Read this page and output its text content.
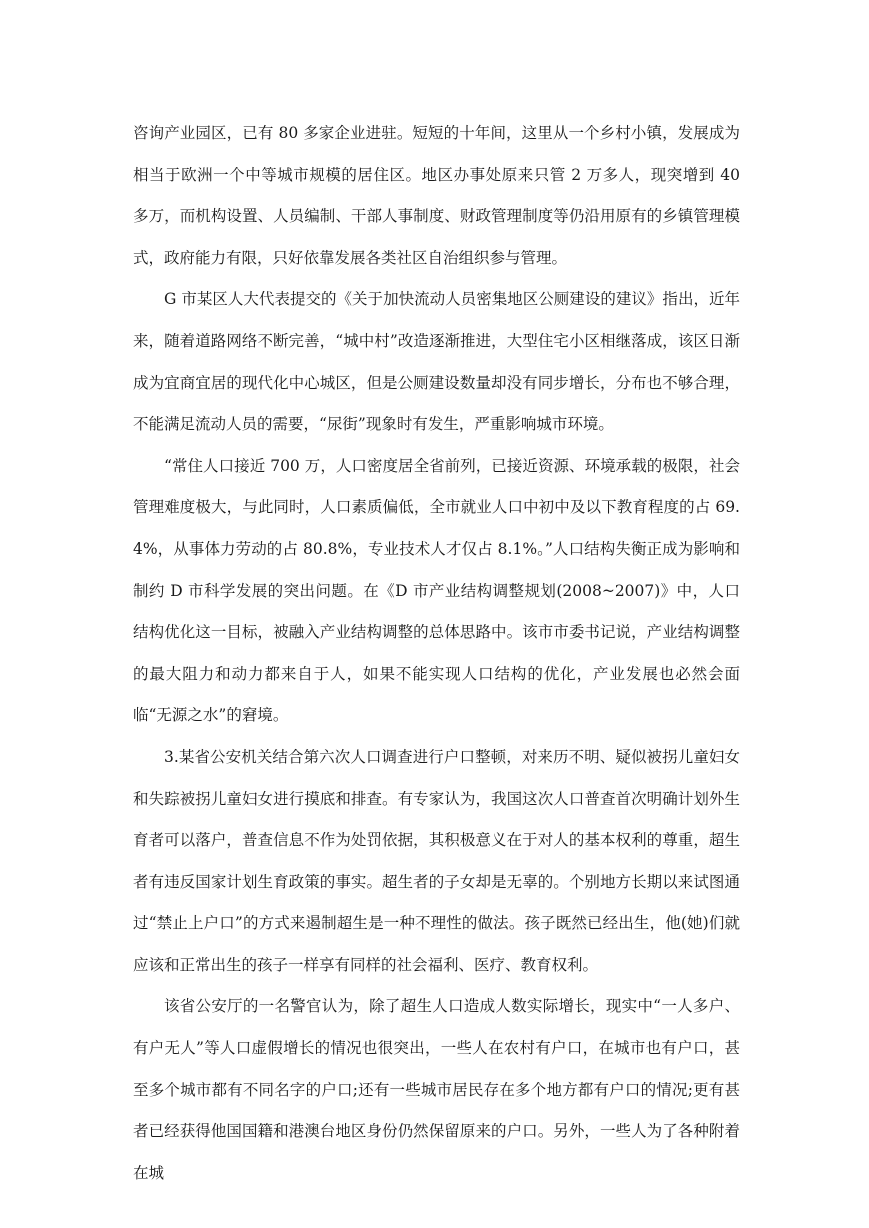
咨询产业园区，已有 80 多家企业进驻。短短的十年间，这里从一个乡村小镇，发展成为相当于欧洲一个中等城市规模的居住区。地区办事处原来只管 2 万多人，现突增到 40 多万，而机构设置、人员编制、干部人事制度、财政管理制度等仍沿用原有的乡镇管理模式，政府能力有限，只好依靠发展各类社区自治组织参与管理。

G 市某区人大代表提交的《关于加快流动人员密集地区公厕建设的建议》指出，近年来，随着道路网络不断完善，“城中村”改造逐渐推进，大型住宅小区相继落成，该区日渐成为宜商宜居的现代化中心城区，但是公厕建设数量却没有同步增长，分布也不够合理，不能满足流动人员的需要，“尿街”现象时有发生，严重影响城市环境。

“常住人口接近 700 万，人口密度居全省前列，已接近资源、环境承载的极限，社会管理难度极大，与此同时，人口素质偏低，全市就业人口中初中及以下教育程度的占 69.4%，从事体力劳动的占 80.8%，专业技术人才仅占 8.1%。”人口结构失衡正成为影响和制约 D 市科学发展的突出问题。在《D 市产业结构调整规划(2008~2007)》中，人口结构优化这一目标，被融入产业结构调整的总体思路中。该市市委书记说，产业结构调整的最大阻力和动力都来自于人，如果不能实现人口结构的优化，产业发展也必然会面临“无源之水”的窘境。

3.某省公安机关结合第六次人口调查进行户口整顿，对来历不明、疑似被拐儿童妇女和失踪被拐儿童妇女进行摸底和排查。有专家认为，我国这次人口普查首次明确计划外生育者可以落户，普查信息不作为处罚依据，其积极意义在于对人的基本权利的尊重，超生者有违反国家计划生育政策的事实。超生者的子女却是无辜的。个别地方长期以来试图通过“禁止上户口”的方式来遏制超生是一种不理性的做法。孩子既然已经出生，他(她)们就应该和正常出生的孩子一样享有同样的社会福利、医疗、教育权利。

该省公安厅的一名警官认为，除了超生人口造成人数实际增长，现实中“一人多户、有户无人”等人口虚假增长的情况也很突出，一些人在农村有户口，在城市也有户口，甚至多个城市都有不同名字的户口;还有一些城市居民存在多个地方都有户口的情况;更有甚者已经获得他国国籍和港澳台地区身份仍然保留原来的户口。另外，一些人为了各种附着在城
